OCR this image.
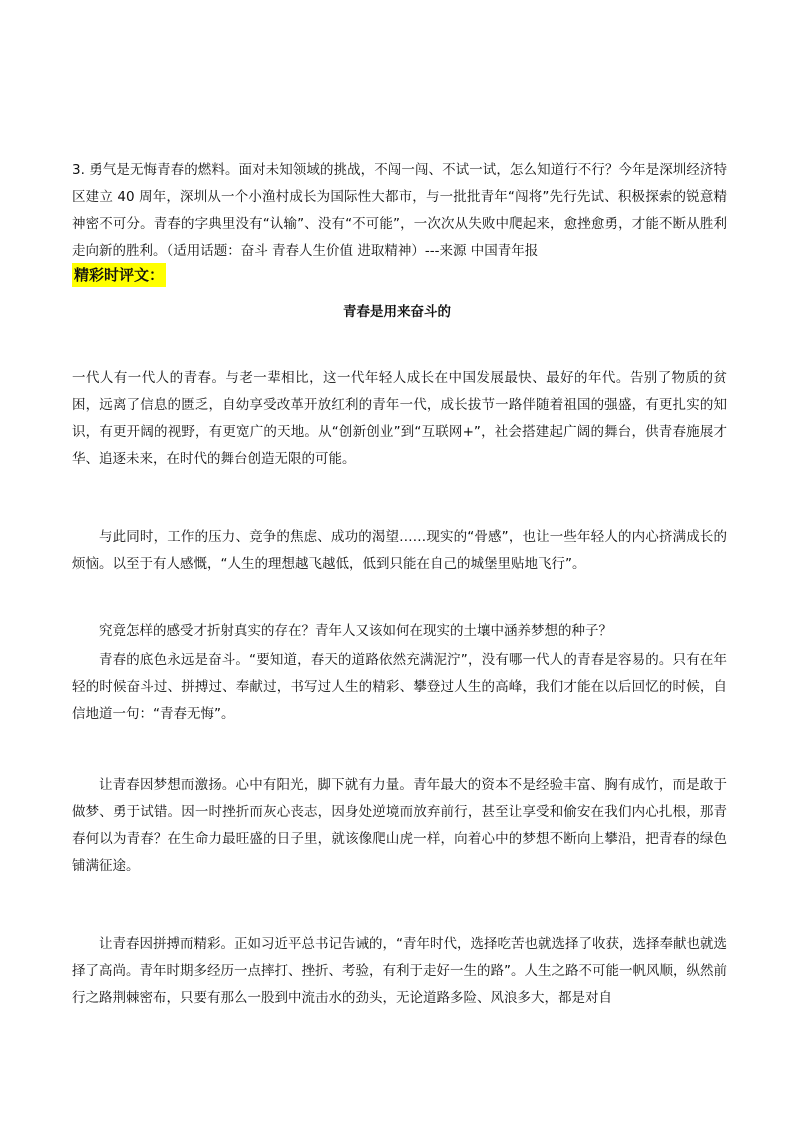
3. 勇气是无悔青春的燃料。面对未知领域的挑战，不闯一闯、不试一试，怎么知道行不行？今年是深圳经济特区建立 40 周年，深圳从一个小渔村成长为国际性大都市，与一批批青年“闯将”先行先试、积极探索的锐意精神密不可分。青春的字典里没有“认输”、没有“不可能”，一次次从失败中爬起来，愈挫愈勇，才能不断从胜利走向新的胜利。（适用话题：奋斗 青春人生价值 进取精神）---来源 中国青年报

精彩时评文：
青春是用来奋斗的

一代人有一代人的青春。与老一辈相比，这一代年轻人成长在中国发展最快、最好的年代。告别了物质的贫困，远离了信息的匮乏，自幼享受改革开放红利的青年一代，成长拔节一路伴随着祖国的强盛，有更扎实的知识，有更开阔的视野，有更宽广的天地。从“创新创业”到“互联网+”，社会搭建起广阔的舞台，供青春施展才华、追逐未来，在时代的舞台创造无限的可能。

与此同时，工作的压力、竞争的焦虑、成功的渴望……现实的“骨感”，也让一些年轻人的内心挤满成长的烦恼。以至于有人感慨，“人生的理想越飞越低，低到只能在自己的城堡里贴地飞行”。

究竟怎样的感受才折射真实的存在？青年人又该如何在现实的土壤中涵养梦想的种子？

青春的底色永远是奋斗。“要知道，春天的道路依然充满泥泞”，没有哪一代人的青春是容易的。只有在年轻的时候奋斗过、拼搏过、奉献过，书写过人生的精彩、攀登过人生的高峰，我们才能在以后回忆的时候，自信地道一句：“青春无悔”。

让青春因梦想而激扬。心中有阳光，脚下就有力量。青年最大的资本不是经验丰富、胸有成竹，而是敢于做梦、勇于试错。因一时挫折而灰心丧志，因身处逆境而放弃前行，甚至让享受和偷安在我们内心扎根，那青春何以为青春？在生命力最旺盛的日子里，就该像爬山虎一样，向着心中的梦想不断向上攀沿，把青春的绿色铺满征途。

让青春因拼搏而精彩。正如习近平总书记告诫的，“青年时代，选择吃苦也就选择了收获，选择奉献也就选择了高尚。青年时期多经历一点摔打、挫折、考验，有利于走好一生的路”。人生之路不可能一帆风顺，纵然前行之路荆棘密布，只要有那么一股到中流击水的劲头，无论道路多险、风浪多大，都是对自
